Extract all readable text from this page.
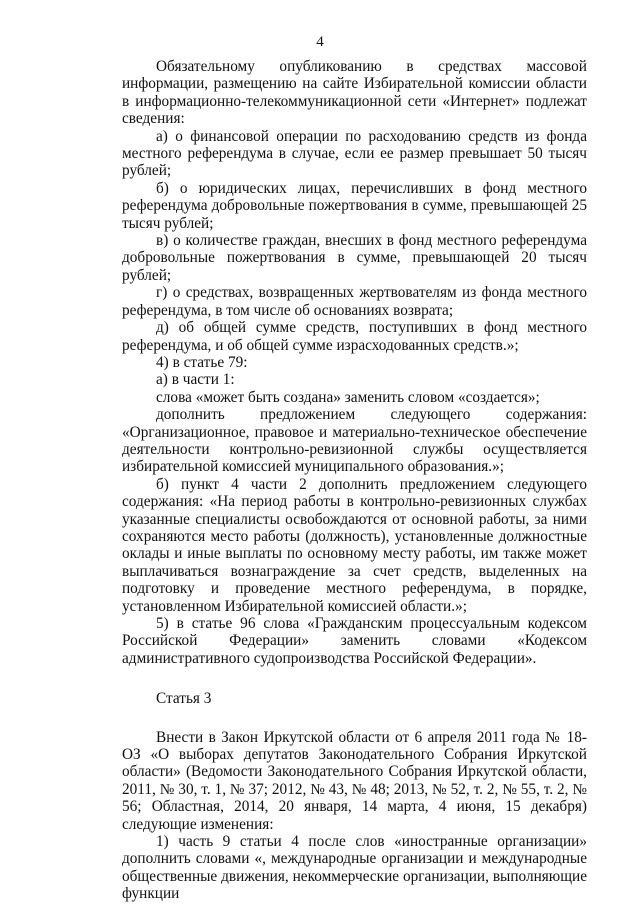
4

Обязательному опубликованию в средствах массовой информации, размещению на сайте Избирательной комиссии области в информационно-телекоммуникационной сети «Интернет» подлежат сведения:

а) о финансовой операции по расходованию средств из фонда местного референдума в случае, если ее размер превышает 50 тысяч рублей;

б) о юридических лицах, перечисливших в фонд местного референдума добровольные пожертвования в сумме, превышающей 25 тысяч рублей;

в) о количестве граждан, внесших в фонд местного референдума добровольные пожертвования в сумме, превышающей 20 тысяч рублей;

г) о средствах, возвращенных жертвователям из фонда местного референдума, в том числе об основаниях возврата;

д) об общей сумме средств, поступивших в фонд местного референдума, и об общей сумме израсходованных средств.»;

4) в статье 79:

а) в части 1:

слова «может быть создана» заменить словом «создается»;

дополнить предложением следующего содержания: «Организационное, правовое и материально-техническое обеспечение деятельности контрольно-ревизионной службы осуществляется избирательной комиссией муниципального образования.»;

б) пункт 4 части 2 дополнить предложением следующего содержания: «На период работы в контрольно-ревизионных службах указанные специалисты освобождаются от основной работы, за ними сохраняются место работы (должность), установленные должностные оклады и иные выплаты по основному месту работы, им также может выплачиваться вознаграждение за счет средств, выделенных на подготовку и проведение местного референдума, в порядке, установленном Избирательной комиссией области.»;

5) в статье 96 слова «Гражданским процессуальным кодексом Российской Федерации» заменить словами «Кодексом административного судопроизводства Российской Федерации».

Статья 3

Внести в Закон Иркутской области от 6 апреля 2011 года № 18-ОЗ «О выборах депутатов Законодательного Собрания Иркутской области» (Ведомости Законодательного Собрания Иркутской области, 2011, № 30, т. 1, № 37; 2012, № 43, № 48; 2013, № 52, т. 2, № 55, т. 2, № 56; Областная, 2014, 20 января, 14 марта, 4 июня, 15 декабря) следующие изменения:

1) часть 9 статьи 4 после слов «иностранные организации» дополнить словами «, международные организации и международные общественные движения, некоммерческие организации, выполняющие функции
